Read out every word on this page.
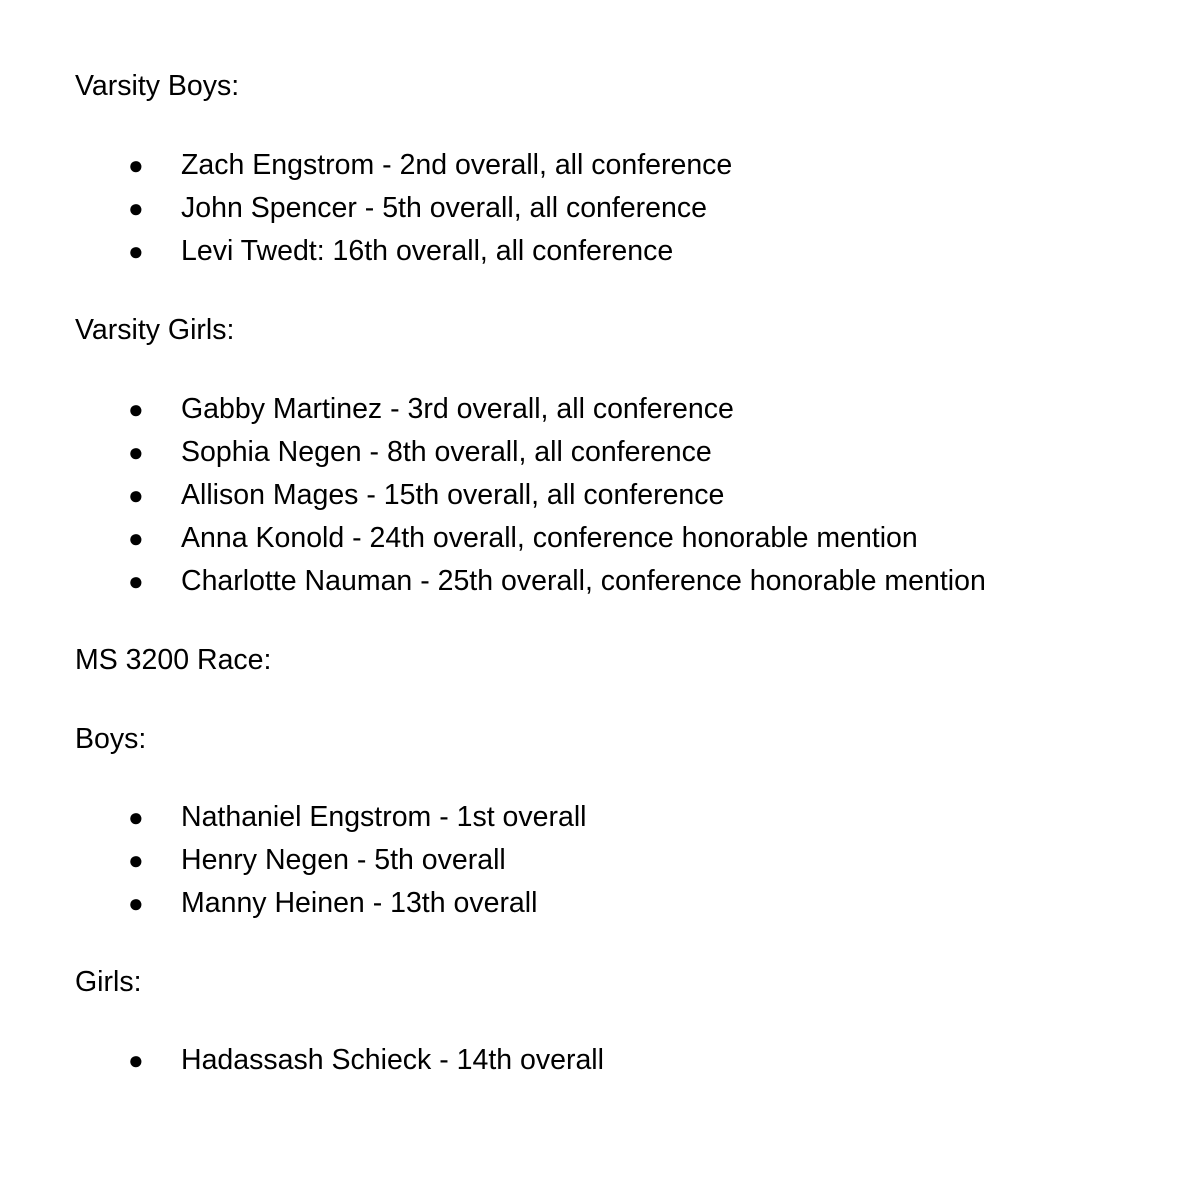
Varsity Boys:
● Zach Engstrom - 2nd overall, all conference
● John Spencer - 5th overall, all conference
● Levi Twedt: 16th overall, all conference
Varsity Girls:
● Gabby Martinez - 3rd overall, all conference
● Sophia Negen - 8th overall, all conference
● Allison Mages - 15th overall, all conference
● Anna Konold - 24th overall, conference honorable mention
● Charlotte Nauman - 25th overall, conference honorable mention
MS 3200 Race:
Boys:
● Nathaniel Engstrom - 1st overall
● Henry Negen - 5th overall
● Manny Heinen - 13th overall
Girls:
● Hadassash Schieck - 14th overall
